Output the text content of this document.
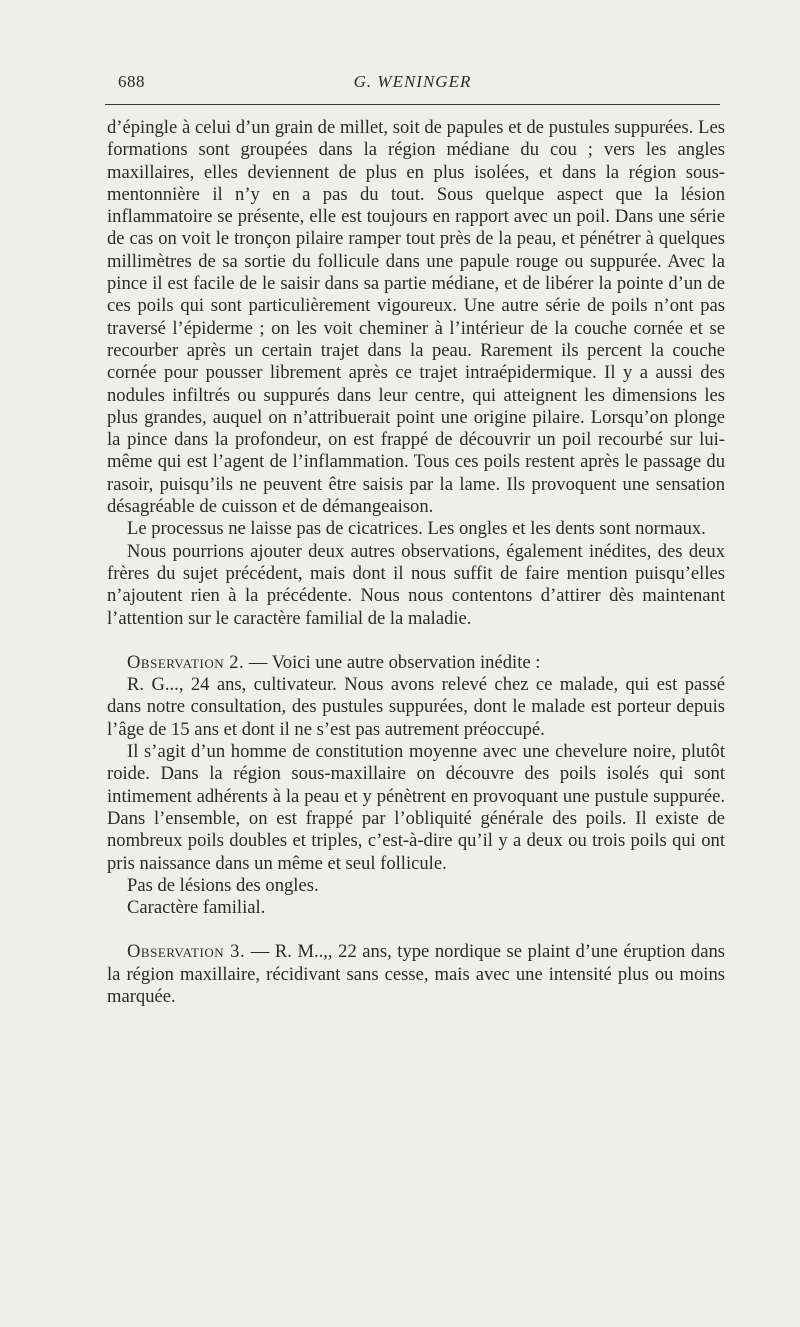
688	G. WENINGER

d’épingle à celui d’un grain de millet, soit de papules et de pustules suppurées. Les formations sont groupées dans la région médiane du cou ; vers les angles maxillaires, elles deviennent de plus en plus isolées, et dans la région sous-mentonnière il n’y en a pas du tout. Sous quelque aspect que la lésion inflammatoire se présente, elle est toujours en rapport avec un poil. Dans une série de cas on voit le tronçon pilaire ramper tout près de la peau, et pénétrer à quelques millimètres de sa sortie du follicule dans une papule rouge ou suppurée. Avec la pince il est facile de le saisir dans sa partie médiane, et de libérer la pointe d’un de ces poils qui sont particulièrement vigoureux. Une autre série de poils n’ont pas traversé l’épiderme ; on les voit cheminer à l’intérieur de la couche cornée et se recourber après un certain trajet dans la peau. Rarement ils percent la couche cornée pour pousser librement après ce trajet intraépidermique. Il y a aussi des nodules infiltrés ou suppurés dans leur centre, qui atteignent les dimensions les plus grandes, auquel on n’attribuerait point une origine pilaire. Lorsqu’on plonge la pince dans la profondeur, on est frappé de découvrir un poil recourbé sur lui-même qui est l’agent de l’inflammation. Tous ces poils restent après le passage du rasoir, puisqu’ils ne peuvent être saisis par la lame. Ils provoquent une sensation désagréable de cuisson et de démangeaison.

Le processus ne laisse pas de cicatrices. Les ongles et les dents sont normaux.

Nous pourrions ajouter deux autres observations, également inédites, des deux frères du sujet précédent, mais dont il nous suffit de faire mention puisqu’elles n’ajoutent rien à la précédente. Nous nous contentons d’attirer dès maintenant l’attention sur le caractère familial de la maladie.

Observation 2. — Voici une autre observation inédite :

R. G..., 24 ans, cultivateur. Nous avons relevé chez ce malade, qui est passé dans notre consultation, des pustules suppurées, dont le malade est porteur depuis l’âge de 15 ans et dont il ne s’est pas autrement préoccupé.

Il s’agit d’un homme de constitution moyenne avec une chevelure noire, plutôt roide. Dans la région sous-maxillaire on découvre des poils isolés qui sont intimement adhérents à la peau et y pénètrent en provoquant une pustule suppurée. Dans l’ensemble, on est frappé par l’obliquité générale des poils. Il existe de nombreux poils doubles et triples, c’est-à-dire qu’il y a deux ou trois poils qui ont pris naissance dans un même et seul follicule.

Pas de lésions des ongles.

Caractère familial.

Observation 3. — R. M..,, 22 ans, type nordique se plaint d’une éruption dans la région maxillaire, récidivant sans cesse, mais avec une intensité plus ou moins marquée.
